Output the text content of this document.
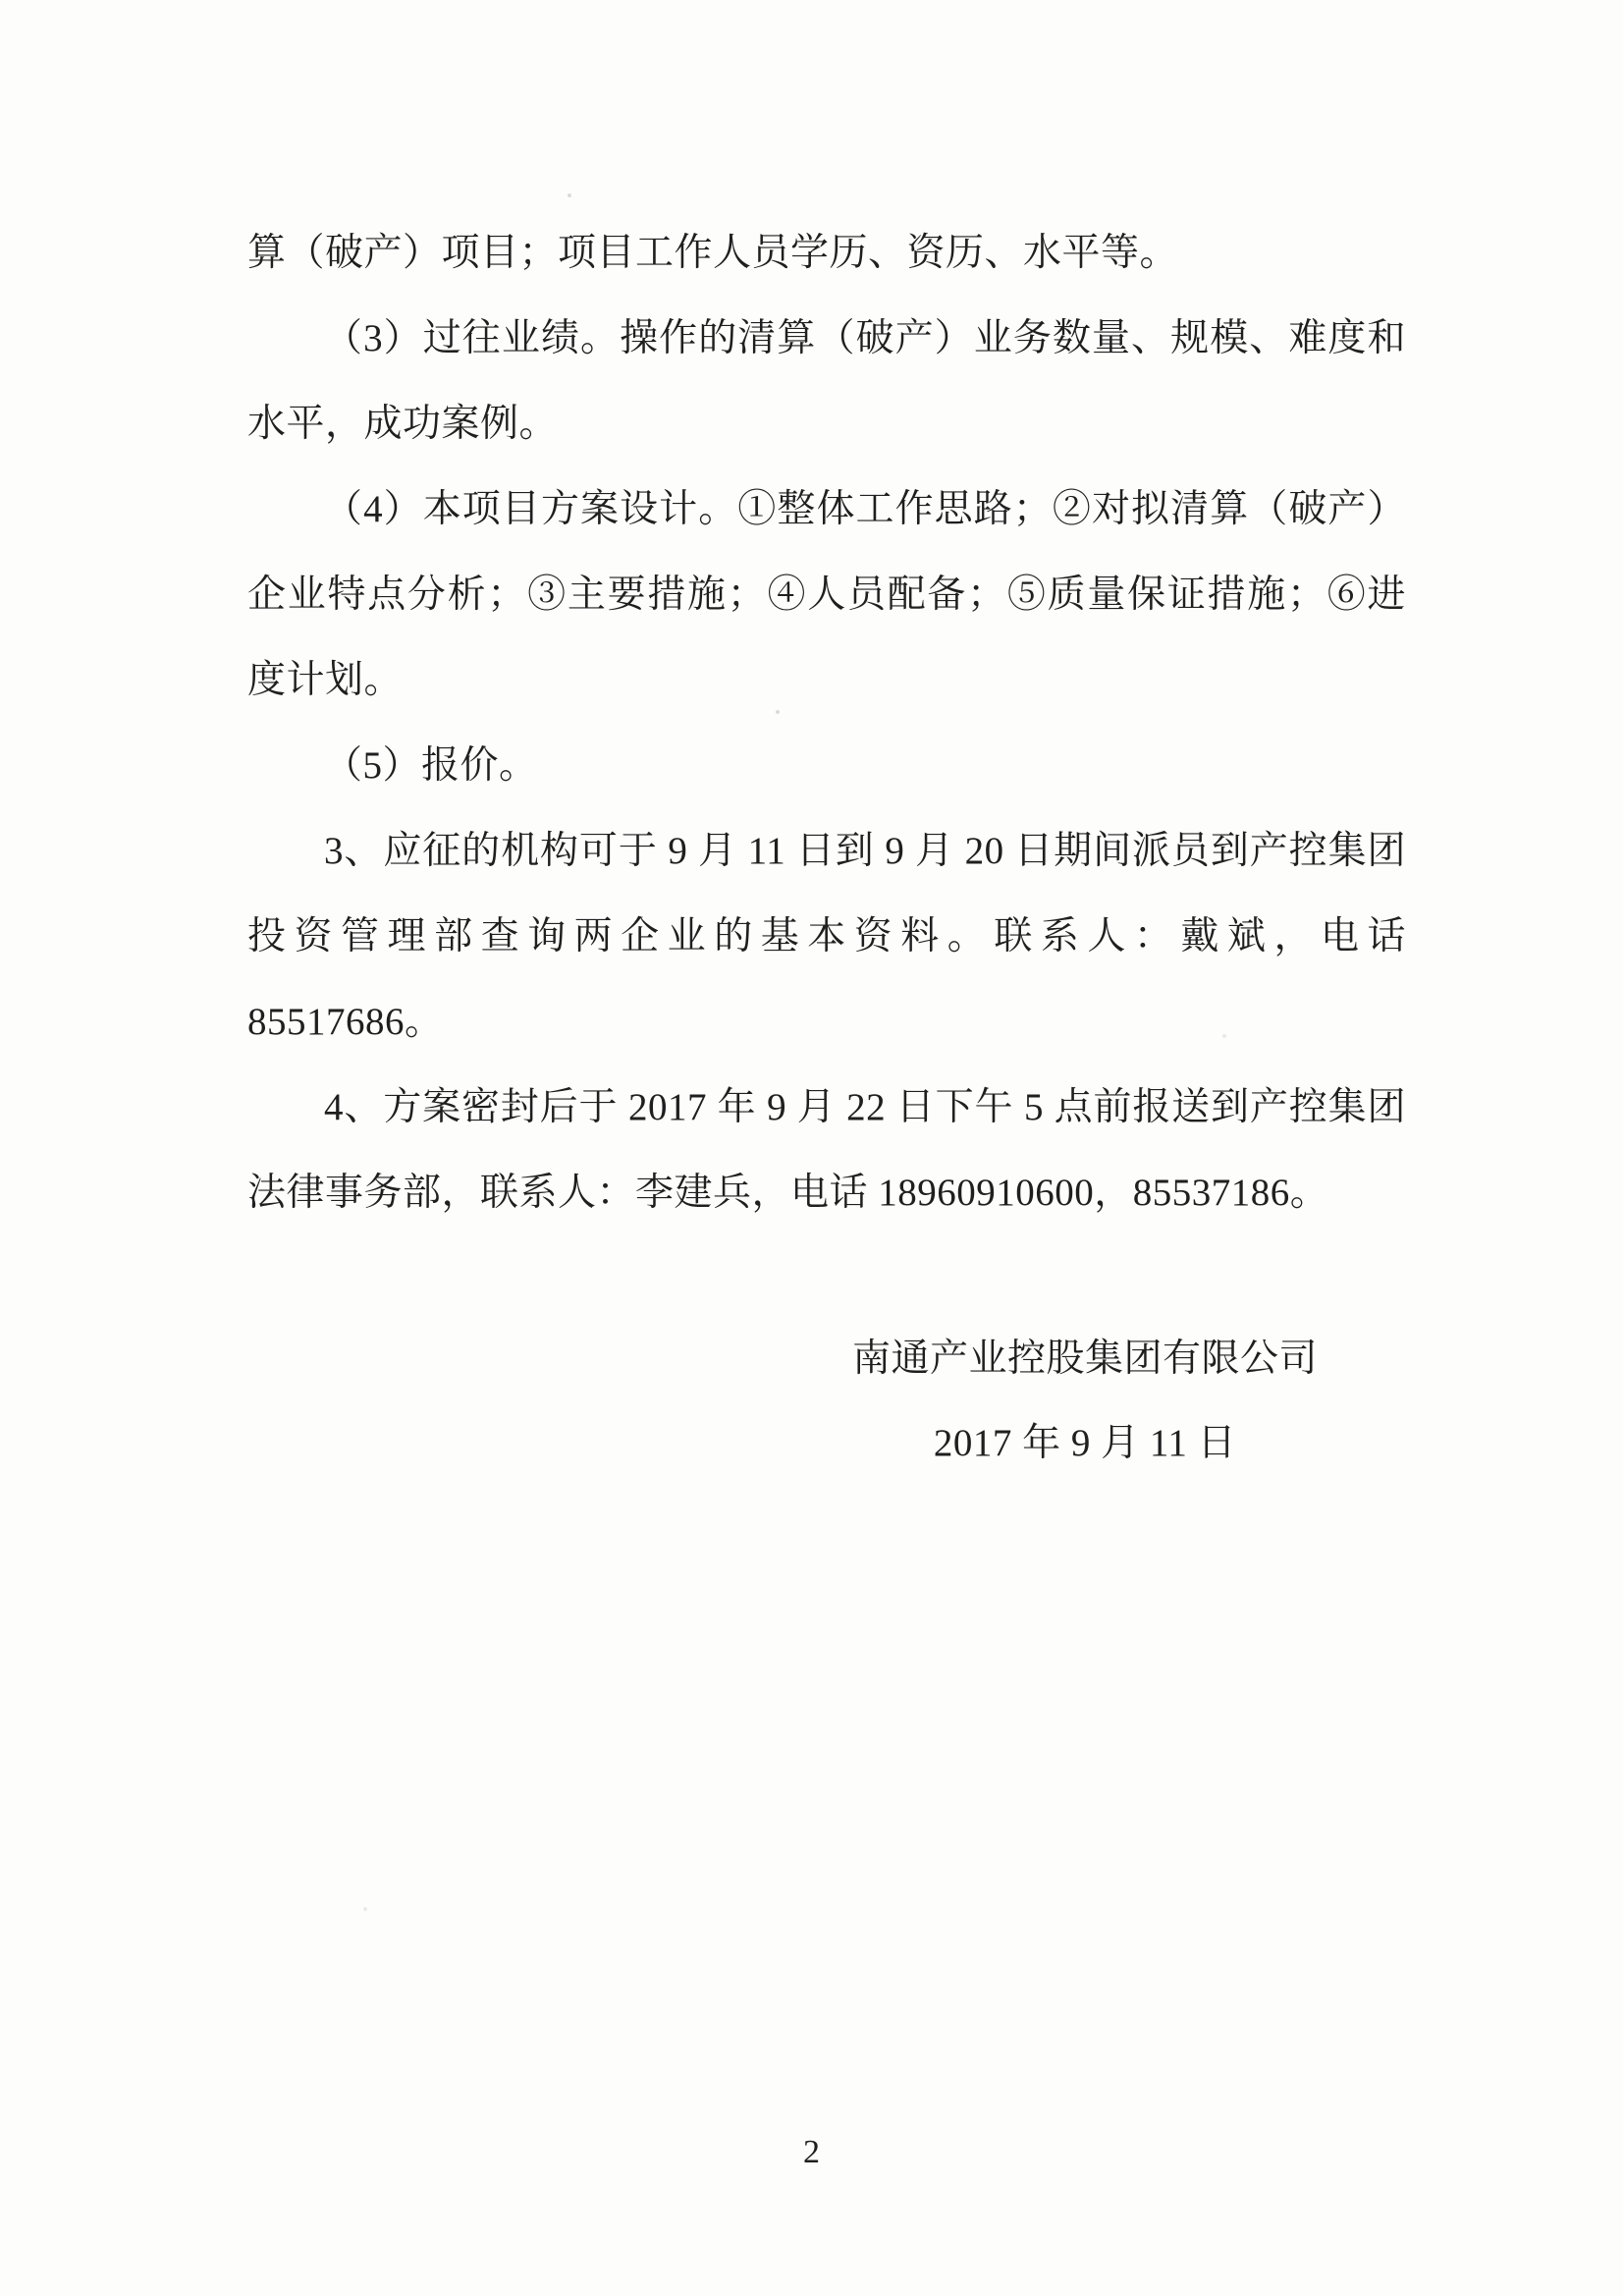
算（破产）项目；项目工作人员学历、资历、水平等。

（3）过往业绩。操作的清算（破产）业务数量、规模、难度和水平，成功案例。

（4）本项目方案设计。①整体工作思路；②对拟清算（破产）企业特点分析；③主要措施；④人员配备；⑤质量保证措施；⑥进度计划。

（5）报价。

3、应征的机构可于 9 月 11 日到 9 月 20 日期间派员到产控集团投资管理部查询两企业的基本资料。联系人：戴斌，电话 85517686。

4、方案密封后于 2017 年 9 月 22 日下午 5 点前报送到产控集团法律事务部，联系人：李建兵，电话 18960910600，85537186。

南通产业控股集团有限公司
2017 年 9 月 11 日
2
